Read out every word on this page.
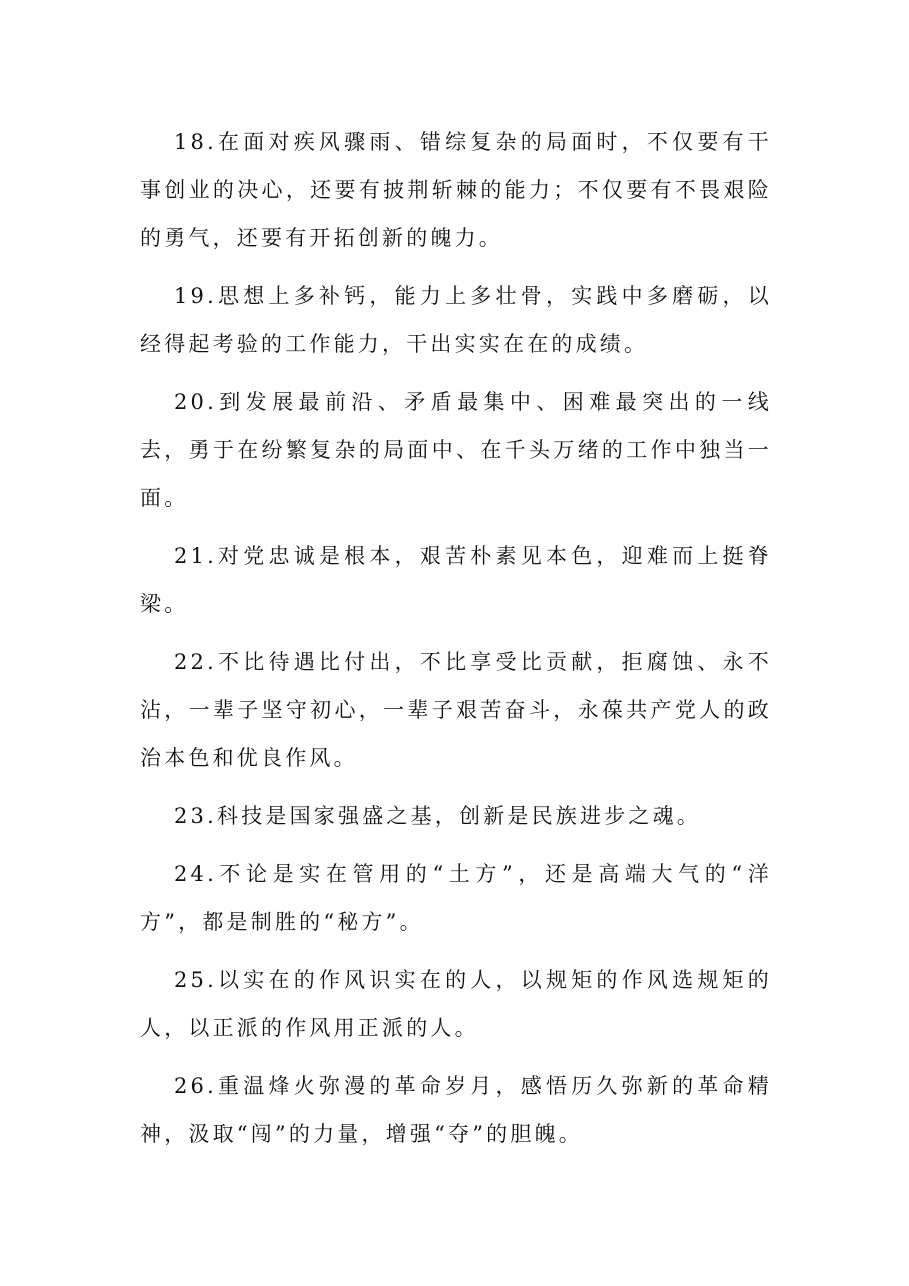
18.在面对疾风骤雨、错综复杂的局面时，不仅要有干事创业的决心，还要有披荆斩棘的能力；不仅要有不畏艰险的勇气，还要有开拓创新的魄力。

19.思想上多补钙，能力上多壮骨，实践中多磨砺，以经得起考验的工作能力，干出实实在在的成绩。

20.到发展最前沿、矛盾最集中、困难最突出的一线去，勇于在纷繁复杂的局面中、在千头万绪的工作中独当一面。

21.对党忠诚是根本，艰苦朴素见本色，迎难而上挺脊梁。

22.不比待遇比付出，不比享受比贡献，拒腐蚀、永不沾，一辈子坚守初心，一辈子艰苦奋斗，永葆共产党人的政治本色和优良作风。

23.科技是国家强盛之基，创新是民族进步之魂。

24.不论是实在管用的“土方”，还是高端大气的“洋方”，都是制胜的“秘方”。

25.以实在的作风识实在的人，以规矩的作风选规矩的人，以正派的作风用正派的人。

26.重温烽火弥漫的革命岁月，感悟历久弥新的革命精神，汲取“闯”的力量，增强“夺”的胆魄。
